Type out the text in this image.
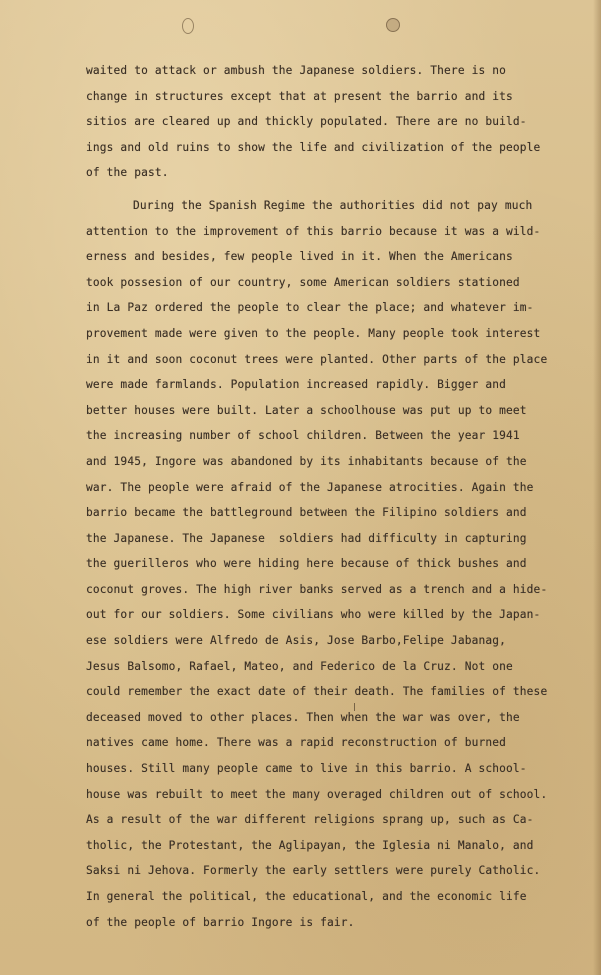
waited to attack or ambush the Japanese soldiers. There is no
change in structures except that at present the barrio and its
sitios are cleared up and thickly populated. There are no build-
ings and old ruins to show the life and civilization of the people
of the past.
During the Spanish Regime the authorities did not pay much
attention to the improvement of this barrio because it was a wild-
erness and besides, few people lived in it. When the Americans
took possesion of our country, some American soldiers stationed
in La Paz ordered the people to clear the place; and whatever im-
provement made were given to the people. Many people took interest
in it and soon coconut trees were planted. Other parts of the place
were made farmlands. Population increased rapidly. Bigger and
better houses were built. Later a schoolhouse was put up to meet
the increasing number of school children. Between the year 1941
and 1945, Ingore was abandoned by its inhabitants because of the
war. The people were afraid of the Japanese atrocities. Again the
barrio became the battleground between the Filipino soldiers and
the Japanese. The Japanese  soldiers had difficulty in capturing
the guerilleros who were hiding here because of thick bushes and
coconut groves. The high river banks served as a trench and a hide-
out for our soldiers. Some civilians who were killed by the Japan-
ese soldiers were Alfredo de Asis, Jose Barbo,Felipe Jabanag,
Jesus Balsomo, Rafael, Mateo, and Federico de la Cruz. Not one
could remember the exact date of their death. The families of these
deceased moved to other places. Then when the war was over, the
natives came home. There was a rapid reconstruction of burned
houses. Still many people came to live in this barrio. A school-
house was rebuilt to meet the many overaged children out of school.
As a result of the war different religions sprang up, such as Ca-
tholic, the Protestant, the Aglipayan, the Iglesia ni Manalo, and
Saksi ni Jehova. Formerly the early settlers were purely Catholic.
In general the political, the educational, and the economic life
of the people of barrio Ingore is fair.
